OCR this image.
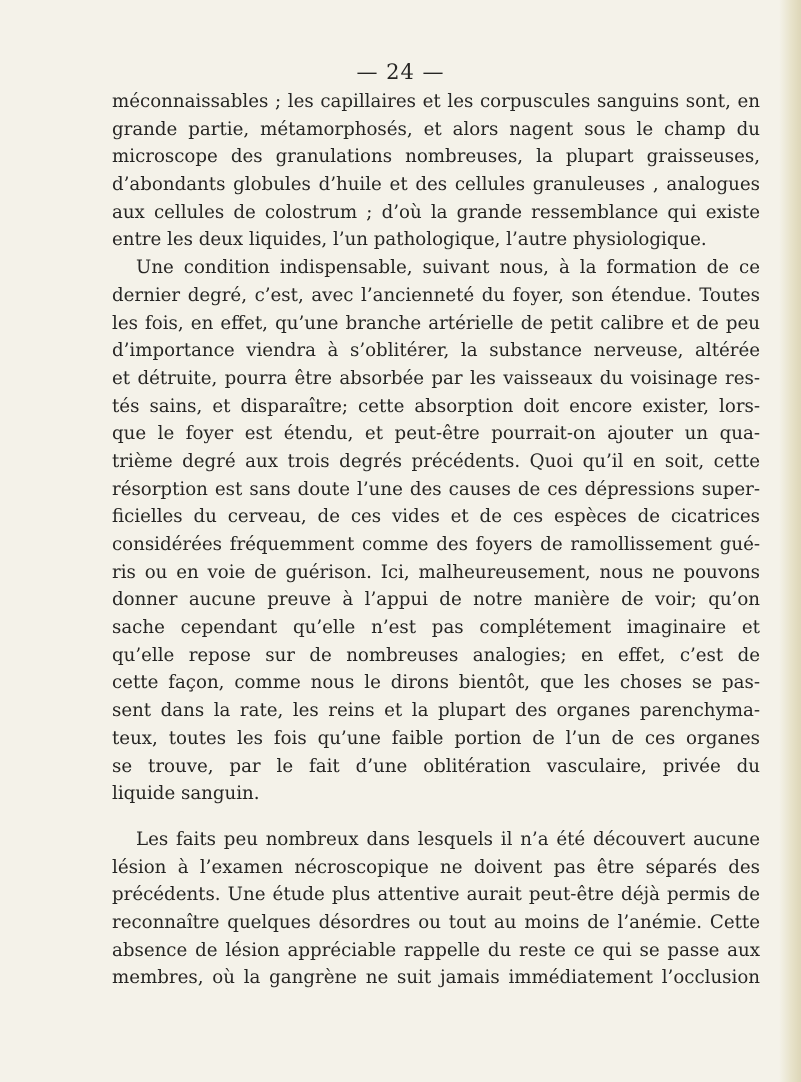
— 24 —
méconnaissables ; les capillaires et les corpuscules sanguins sont, en
grande partie, métamorphosés, et alors nagent sous le champ du
microscope des granulations nombreuses, la plupart graisseuses,
d’abondants globules d’huile et des cellules granuleuses , analogues
aux cellules de colostrum ; d’où la grande ressemblance qui existe
entre les deux liquides, l’un pathologique, l’autre physiologique.
Une condition indispensable, suivant nous, à la formation de ce
dernier degré, c’est, avec l’ancienneté du foyer, son étendue. Toutes
les fois, en effet, qu’une branche artérielle de petit calibre et de peu
d’importance viendra à s’oblitérer, la substance nerveuse, altérée
et détruite, pourra être absorbée par les vaisseaux du voisinage res-
tés sains, et disparaître; cette absorption doit encore exister, lors-
que le foyer est étendu, et peut-être pourrait-on ajouter un qua-
trième degré aux trois degrés précédents. Quoi qu’il en soit, cette
résorption est sans doute l’une des causes de ces dépressions super-
ficielles du cerveau, de ces vides et de ces espèces de cicatrices
considérées fréquemment comme des foyers de ramollissement gué-
ris ou en voie de guérison. Ici, malheureusement, nous ne pouvons
donner aucune preuve à l’appui de notre manière de voir; qu’on
sache cependant qu’elle n’est pas complétement imaginaire et
qu’elle repose sur de nombreuses analogies; en effet, c’est de
cette façon, comme nous le dirons bientôt, que les choses se pas-
sent dans la rate, les reins et la plupart des organes parenchyma-
teux, toutes les fois qu’une faible portion de l’un de ces organes
se trouve, par le fait d’une oblitération vasculaire, privée du
liquide sanguin.
Les faits peu nombreux dans lesquels il n’a été découvert aucune
lésion à l’examen nécroscopique ne doivent pas être séparés des
précédents. Une étude plus attentive aurait peut-être déjà permis de
reconnaître quelques désordres ou tout au moins de l’anémie. Cette
absence de lésion appréciable rappelle du reste ce qui se passe aux
membres, où la gangrène ne suit jamais immédiatement l’occlusion
